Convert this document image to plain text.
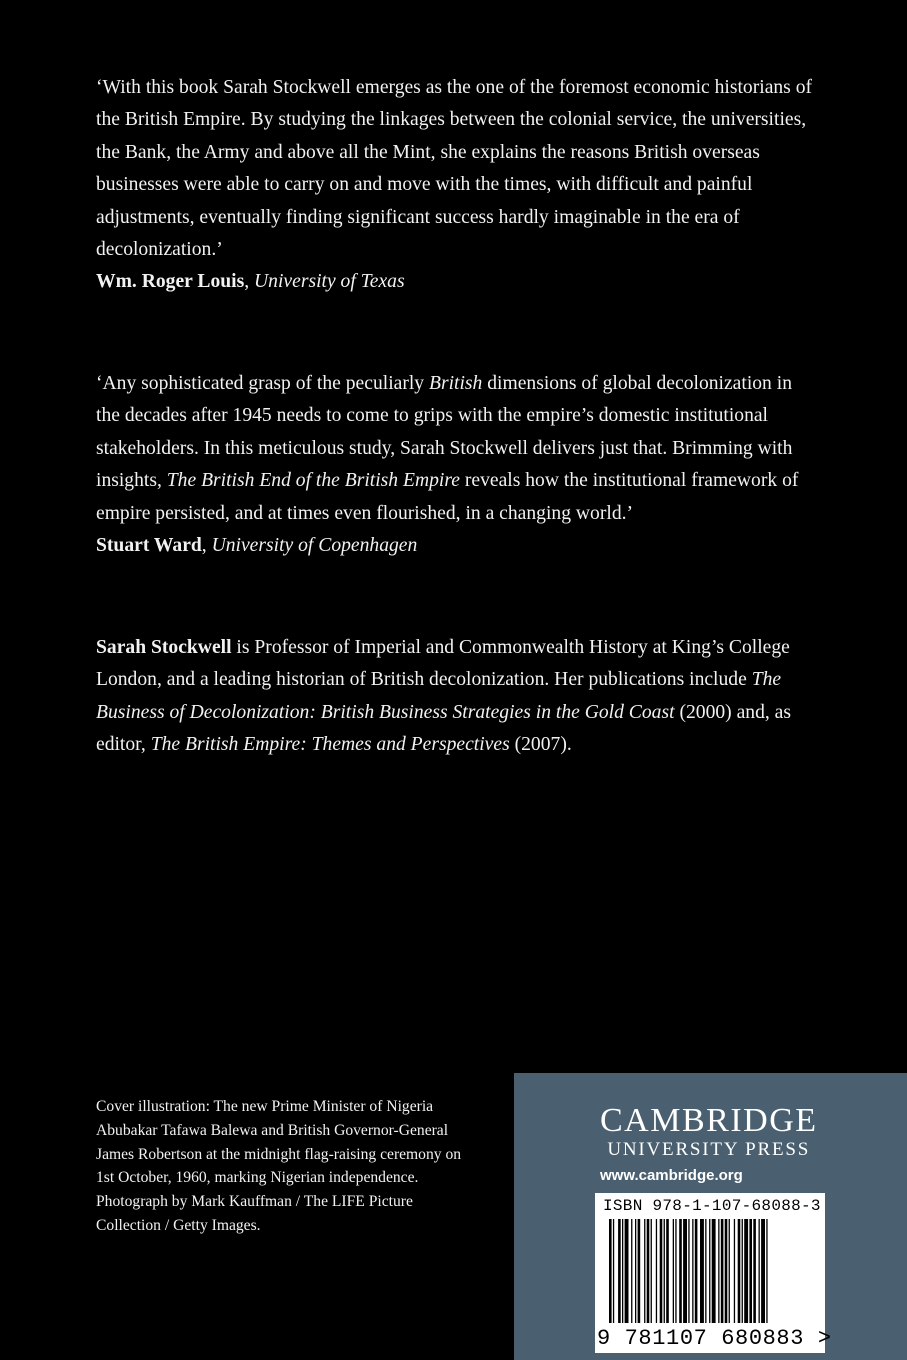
‘With this book Sarah Stockwell emerges as the one of the foremost economic historians of the British Empire. By studying the linkages between the colonial service, the universities, the Bank, the Army and above all the Mint, she explains the reasons British overseas businesses were able to carry on and move with the times, with difficult and painful adjustments, eventually finding significant success hardly imaginable in the era of decolonization.’

Wm. Roger Louis, University of Texas

‘Any sophisticated grasp of the peculiarly British dimensions of global decolonization in the decades after 1945 needs to come to grips with the empire’s domestic institutional stakeholders. In this meticulous study, Sarah Stockwell delivers just that. Brimming with insights, The British End of the British Empire reveals how the institutional framework of empire persisted, and at times even flourished, in a changing world.’

Stuart Ward, University of Copenhagen

Sarah Stockwell is Professor of Imperial and Commonwealth History at King’s College London, and a leading historian of British decolonization. Her publications include The Business of Decolonization: British Business Strategies in the Gold Coast (2000) and, as editor, The British Empire: Themes and Perspectives (2007).

Cover illustration: The new Prime Minister of Nigeria Abubakar Tafawa Balewa and British Governor-General James Robertson at the midnight flag-raising ceremony on 1st October, 1960, marking Nigerian independence. Photograph by Mark Kauffman / The LIFE Picture Collection / Getty Images.

CAMBRIDGE
UNIVERSITY PRESS
www.cambridge.org
ISBN 978-1-107-68088-3
9 781107 680883 >
